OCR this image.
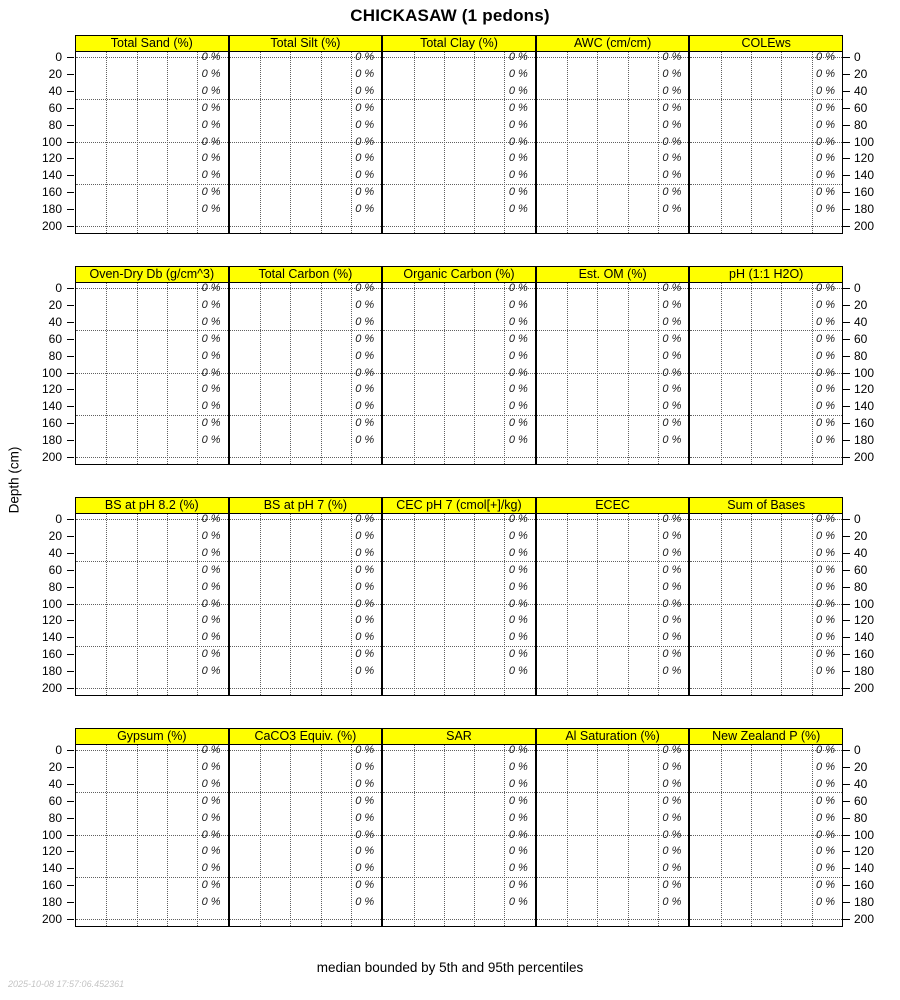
CHICKASAW (1 pedons)
Depth (cm)
0	0
20	20
40	40
60	60
80	80
100	100
120	120
140	140
160	160
180	180
200	200
Total Sand (%)
0 %
0 %
0 %
0 %
0 %
0 %
0 %
0 %
0 %
0 %
Total Silt (%)
0 %
0 %
0 %
0 %
0 %
0 %
0 %
0 %
0 %
0 %
Total Clay (%)
0 %
0 %
0 %
0 %
0 %
0 %
0 %
0 %
0 %
0 %
AWC (cm/cm)
0 %
0 %
0 %
0 %
0 %
0 %
0 %
0 %
0 %
0 %
COLEws
0 %
0 %
0 %
0 %
0 %
0 %
0 %
0 %
0 %
0 %
0	0
20	20
40	40
60	60
80	80
100	100
120	120
140	140
160	160
180	180
200	200
Oven-Dry Db (g/cm^3)
0 %
0 %
0 %
0 %
0 %
0 %
0 %
0 %
0 %
0 %
Total Carbon (%)
0 %
0 %
0 %
0 %
0 %
0 %
0 %
0 %
0 %
0 %
Organic Carbon (%)
0 %
0 %
0 %
0 %
0 %
0 %
0 %
0 %
0 %
0 %
Est. OM (%)
0 %
0 %
0 %
0 %
0 %
0 %
0 %
0 %
0 %
0 %
pH (1:1 H2O)
0 %
0 %
0 %
0 %
0 %
0 %
0 %
0 %
0 %
0 %
0	0
20	20
40	40
60	60
80	80
100	100
120	120
140	140
160	160
180	180
200	200
BS at pH 8.2 (%)
0 %
0 %
0 %
0 %
0 %
0 %
0 %
0 %
0 %
0 %
BS at pH 7 (%)
0 %
0 %
0 %
0 %
0 %
0 %
0 %
0 %
0 %
0 %
CEC pH 7 (cmol[+]/kg)
0 %
0 %
0 %
0 %
0 %
0 %
0 %
0 %
0 %
0 %
ECEC
0 %
0 %
0 %
0 %
0 %
0 %
0 %
0 %
0 %
0 %
Sum of Bases
0 %
0 %
0 %
0 %
0 %
0 %
0 %
0 %
0 %
0 %
0	0
20	20
40	40
60	60
80	80
100	100
120	120
140	140
160	160
180	180
200	200
Gypsum (%)
0 %
0 %
0 %
0 %
0 %
0 %
0 %
0 %
0 %
0 %
CaCO3 Equiv. (%)
0 %
0 %
0 %
0 %
0 %
0 %
0 %
0 %
0 %
0 %
SAR
0 %
0 %
0 %
0 %
0 %
0 %
0 %
0 %
0 %
0 %
Al Saturation (%)
0 %
0 %
0 %
0 %
0 %
0 %
0 %
0 %
0 %
0 %
New Zealand P (%)
0 %
0 %
0 %
0 %
0 %
0 %
0 %
0 %
0 %
0 %
median bounded by 5th and 95th percentiles
2025-10-08 17:57:06.452361
